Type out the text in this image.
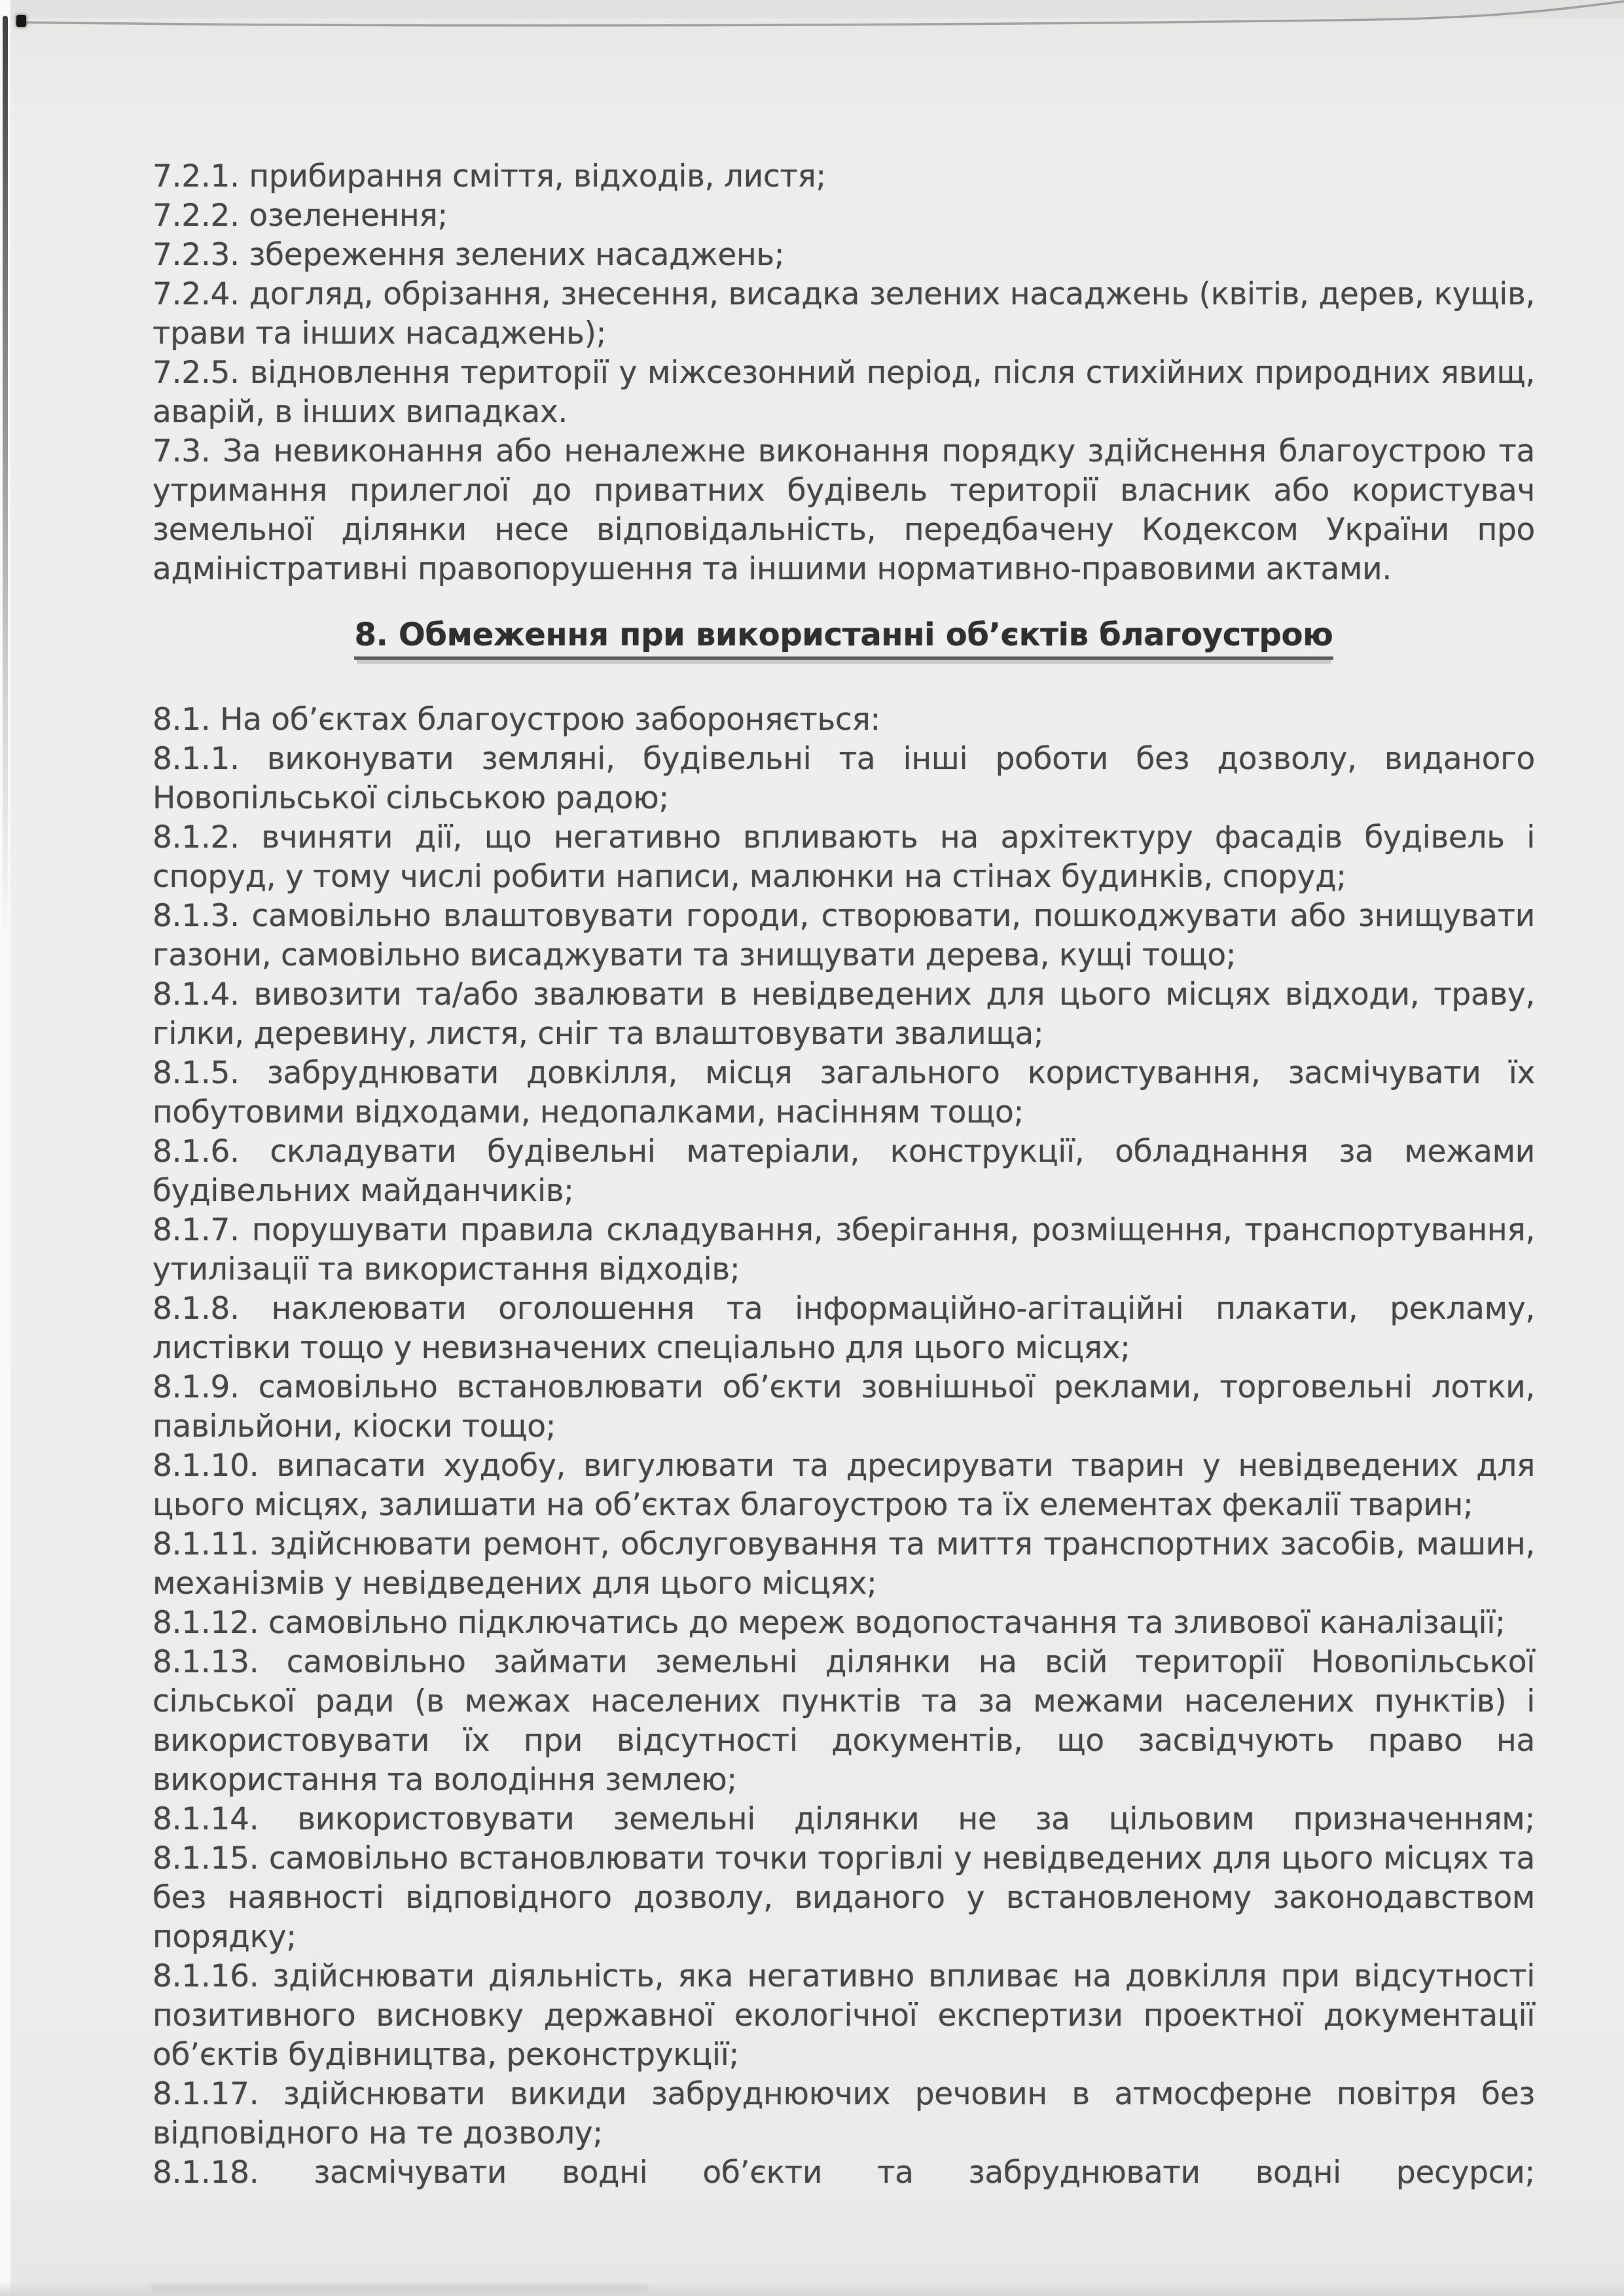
7.2.1. прибирання сміття, відходів, листя;

7.2.2. озеленення;

7.2.3. збереження зелених насаджень;

7.2.4. догляд, обрізання, знесення, висадка зелених насаджень (квітів, дерев, кущів, трави та інших насаджень);

7.2.5. відновлення території у міжсезонний період, після стихійних природних явищ, аварій, в інших випадках.

7.3. За невиконання або неналежне виконання порядку здійснення благоустрою та утримання прилеглої до приватних будівель території власник або користувач земельної ділянки несе відповідальність, передбачену Кодексом України про адміністративні правопорушення та іншими нормативно-правовими актами.

8. Обмеження при використанні об’єктів благоустрою

8.1. На об’єктах благоустрою забороняється:

8.1.1. виконувати земляні, будівельні та інші роботи без дозволу, виданого Новопільської сільською радою;

8.1.2. вчиняти дії, що негативно впливають на архітектуру фасадів будівель і споруд, у тому числі робити написи, малюнки на стінах будинків, споруд;

8.1.3. самовільно влаштовувати городи, створювати, пошкоджувати або знищувати газони, самовільно висаджувати та знищувати дерева, кущі тощо;

8.1.4. вивозити та/або звалювати в невідведених для цього місцях відходи, траву, гілки, деревину, листя, сніг та влаштовувати звалища;

8.1.5. забруднювати довкілля, місця загального користування, засмічувати їх побутовими відходами, недопалками, насінням тощо;

8.1.6. складувати будівельні матеріали, конструкції, обладнання за межами будівельних майданчиків;

8.1.7. порушувати правила складування, зберігання, розміщення, транспортування, утилізації та використання відходів;

8.1.8. наклеювати оголошення та інформаційно-агітаційні плакати, рекламу, листівки тощо у невизначених спеціально для цього місцях;

8.1.9. самовільно встановлювати об’єкти зовнішньої реклами, торговельні лотки, павільйони, кіоски тощо;

8.1.10. випасати худобу, вигулювати та дресирувати тварин у невідведених для цього місцях, залишати на об’єктах благоустрою та їх елементах фекалії тварин;

8.1.11. здійснювати ремонт, обслуговування та миття транспортних засобів, машин, механізмів у невідведених для цього місцях;

8.1.12. самовільно підключатись до мереж водопостачання та зливової каналізації;

8.1.13. самовільно займати земельні ділянки на всій території Новопільської сільської ради (в межах населених пунктів та за межами населених пунктів) і використовувати їх при відсутності документів, що засвідчують право на використання та володіння землею;

8.1.14. використовувати земельні ділянки не за цільовим призначенням;

8.1.15. самовільно встановлювати точки торгівлі у невідведених для цього місцях та без наявності відповідного дозволу, виданого у встановленому законодавством порядку;

8.1.16. здійснювати діяльність, яка негативно впливає на довкілля при відсутності позитивного висновку державної екологічної експертизи проектної документації об’єктів будівництва, реконструкції;

8.1.17. здійснювати викиди забруднюючих речовин в атмосферне повітря без відповідного на те дозволу;

8.1.18. засмічувати водні об’єкти та забруднювати водні ресурси;
